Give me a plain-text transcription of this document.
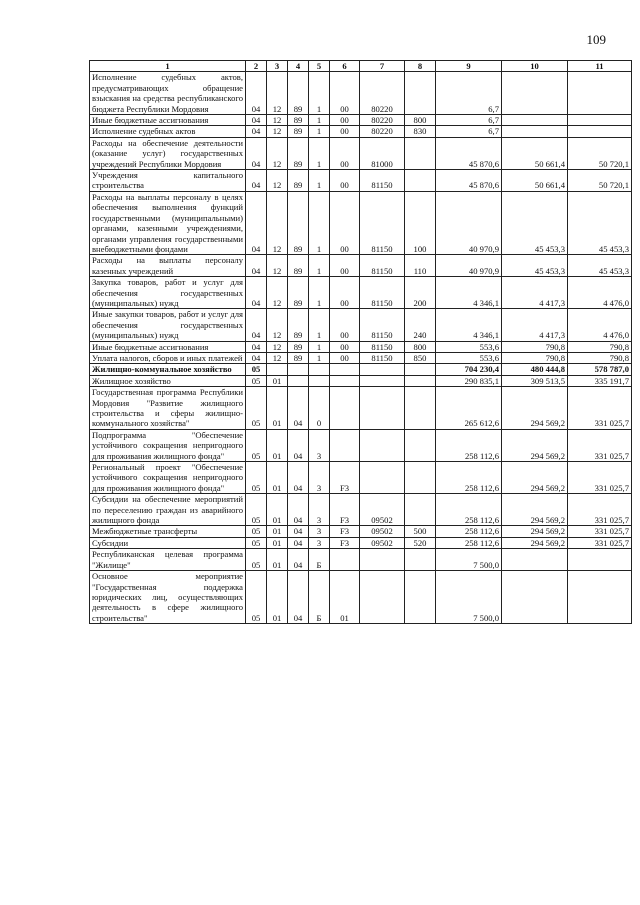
109
1	2	3	4	5	6	7	8	9	10	11
Исполнение судебных актов, предусматривающих обращение взыскания на средства республиканского бюджета Республики Мордовия	04	12	89	1	00	80220		6,7		
Иные бюджетные ассигнования	04	12	89	1	00	80220	800	6,7		
Исполнение судебных актов	04	12	89	1	00	80220	830	6,7		
Расходы на обеспечение деятельности (оказание услуг) государственных учреждений Республики Мордовия	04	12	89	1	00	81000		45 870,6	50 661,4	50 720,1
Учреждения капитального строительства	04	12	89	1	00	81150		45 870,6	50 661,4	50 720,1
Расходы на выплаты персоналу в целях обеспечения выполнения функций государственными (муниципальными) органами, казенными учреждениями, органами управления государственными внебюджетными фондами	04	12	89	1	00	81150	100	40 970,9	45 453,3	45 453,3
Расходы на выплаты персоналу казенных учреждений	04	12	89	1	00	81150	110	40 970,9	45 453,3	45 453,3
Закупка товаров, работ и услуг для обеспечения государственных (муниципальных) нужд	04	12	89	1	00	81150	200	4 346,1	4 417,3	4 476,0
Иные закупки товаров, работ и услуг для обеспечения государственных (муниципальных) нужд	04	12	89	1	00	81150	240	4 346,1	4 417,3	4 476,0
Иные бюджетные ассигнования	04	12	89	1	00	81150	800	553,6	790,8	790,8
Уплата налогов, сборов и иных платежей	04	12	89	1	00	81150	850	553,6	790,8	790,8
Жилищно-коммунальное хозяйство	05							704 230,4	480 444,8	578 787,0
Жилищное хозяйство	05	01						290 835,1	309 513,5	335 191,7
Государственная программа Республики Мордовия "Развитие жилищного строительства и сферы жилищно-коммунального хозяйства"	05	01	04	0				265 612,6	294 569,2	331 025,7
Подпрограмма "Обеспечение устойчивого сокращения непригодного для проживания жилищного фонда"	05	01	04	3				258 112,6	294 569,2	331 025,7
Региональный проект "Обеспечение устойчивого сокращения непригодного для проживания жилищного фонда"	05	01	04	3	F3			258 112,6	294 569,2	331 025,7
Субсидии на обеспечение мероприятий по переселению граждан из аварийного жилищного фонда	05	01	04	3	F3	09502		258 112,6	294 569,2	331 025,7
Межбюджетные трансферты	05	01	04	3	F3	09502	500	258 112,6	294 569,2	331 025,7
Субсидии	05	01	04	3	F3	09502	520	258 112,6	294 569,2	331 025,7
Республиканская целевая программа "Жилище"	05	01	04	Б				7 500,0		
Основное мероприятие "Государственная поддержка юридических лиц, осуществляющих деятельность в сфере жилищного строительства"	05	01	04	Б	01			7 500,0		
